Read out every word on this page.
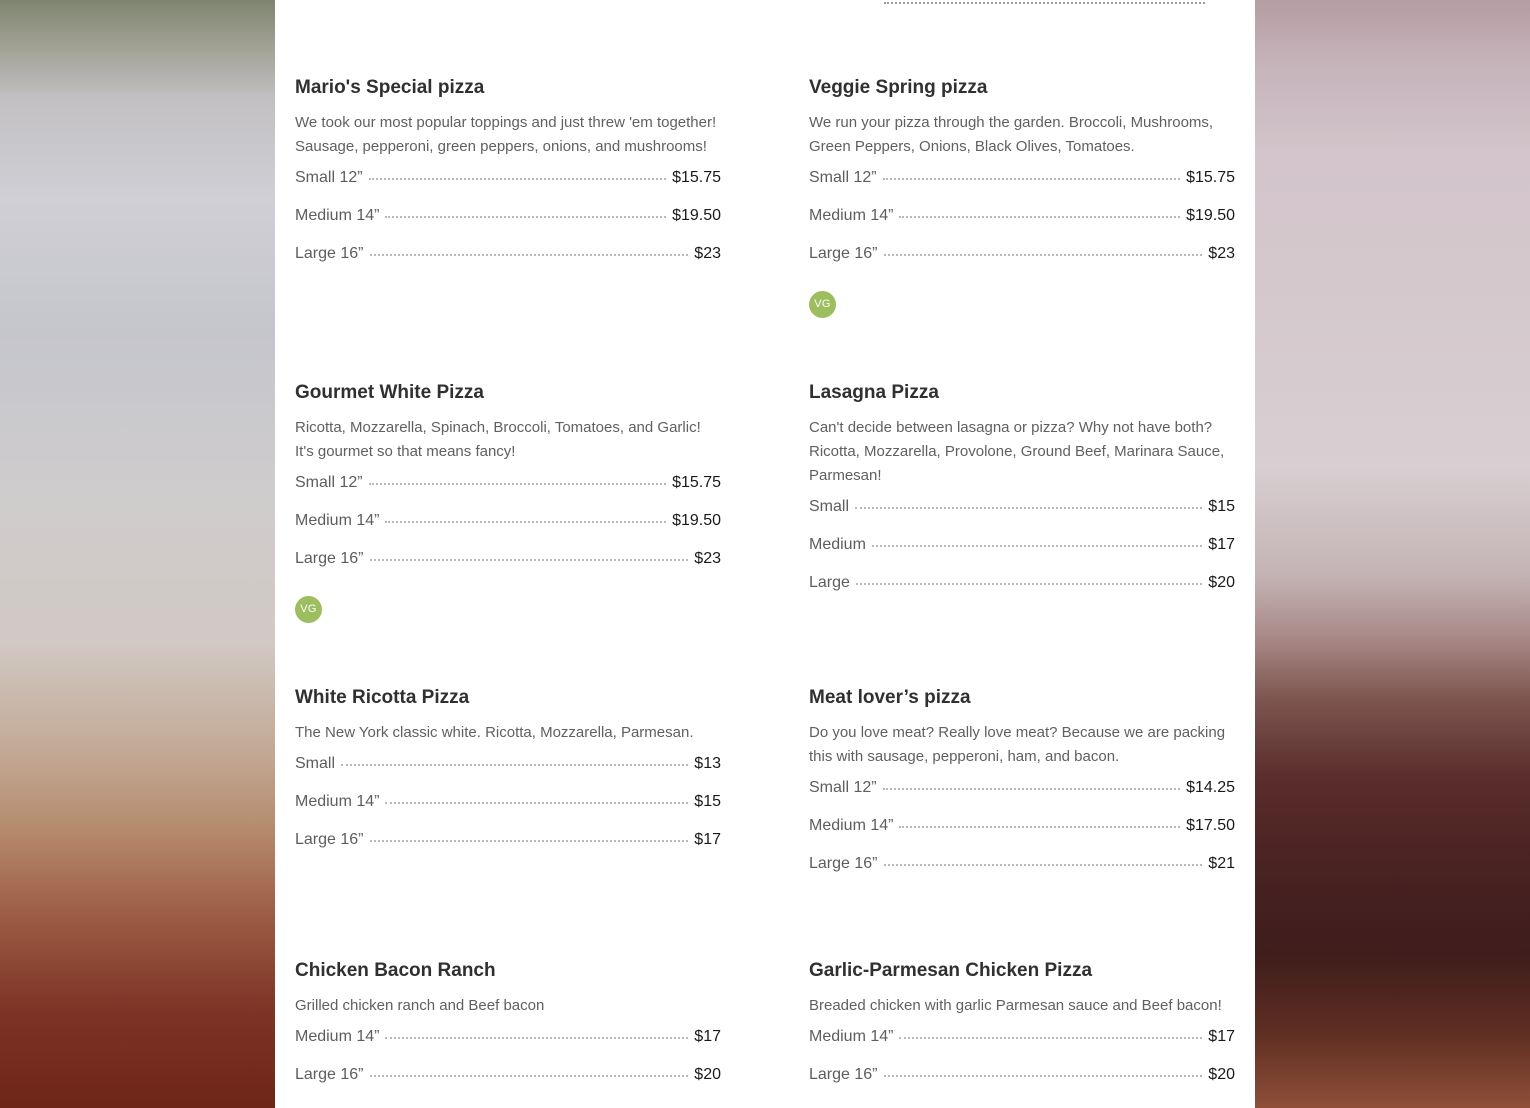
Mario's Special pizza

We took our most popular toppings and just threw 'em together! Sausage, pepperoni, green peppers, onions, and mushrooms!

Small 12”	$15.75
Medium 14”	$19.50
Large 16”	$23
Veggie Spring pizza

We run your pizza through the garden. Broccoli, Mushrooms, Green Peppers, Onions, Black Olives, Tomatoes.

Small 12”	$15.75
Medium 14”	$19.50
Large 16”	$23
VG
Gourmet White Pizza

Ricotta, Mozzarella, Spinach, Broccoli, Tomatoes, and Garlic! It's gourmet so that means fancy!

Small 12”	$15.75
Medium 14”	$19.50
Large 16”	$23
VG
Lasagna Pizza

Can't decide between lasagna or pizza? Why not have both? Ricotta, Mozzarella, Provolone, Ground Beef, Marinara Sauce, Parmesan!

Small	$15
Medium	$17
Large	$20
White Ricotta Pizza

The New York classic white. Ricotta, Mozzarella, Parmesan.

Small	$13
Medium 14”	$15
Large 16”	$17
Meat lover’s pizza

Do you love meat? Really love meat? Because we are packing this with sausage, pepperoni, ham, and bacon.

Small 12”	$14.25
Medium 14”	$17.50
Large 16”	$21
Chicken Bacon Ranch

Grilled chicken ranch and Beef bacon

Medium 14”	$17
Large 16”	$20
Garlic-Parmesan Chicken Pizza

Breaded chicken with garlic Parmesan sauce and Beef bacon!

Medium 14”	$17
Large 16”	$20
